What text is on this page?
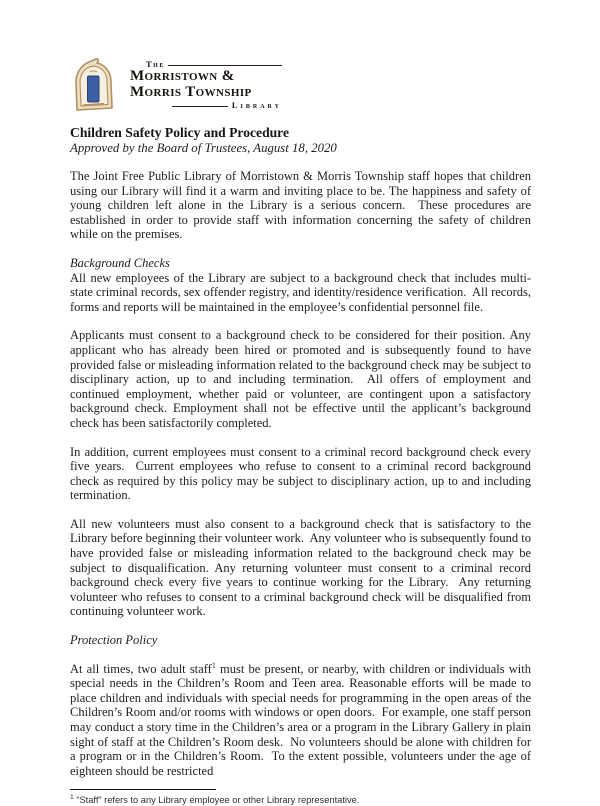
The
Morristown &
Morris Township
Library
Children Safety Policy and Procedure
Approved by the Board of Trustees, August 18, 2020

The Joint Free Public Library of Morristown & Morris Township staff hopes that children using our Library will find it a warm and inviting place to be. The happiness and safety of young children left alone in the Library is a serious concern.  These procedures are established in order to provide staff with information concerning the safety of children while on the premises.

Background Checks

All new employees of the Library are subject to a background check that includes multi-state criminal records, sex offender registry, and identity/residence verification.  All records, forms and reports will be maintained in the employee’s confidential personnel file.

Applicants must consent to a background check to be considered for their position. Any applicant who has already been hired or promoted and is subsequently found to have provided false or misleading information related to the background check may be subject to disciplinary action, up to and including termination.  All offers of employment and continued employment, whether paid or volunteer, are contingent upon a satisfactory background check. Employment shall not be effective until the applicant’s background check has been satisfactorily completed.

In addition, current employees must consent to a criminal record background check every five years.  Current employees who refuse to consent to a criminal record background check as required by this policy may be subject to disciplinary action, up to and including termination.

All new volunteers must also consent to a background check that is satisfactory to the Library before beginning their volunteer work.  Any volunteer who is subsequently found to have provided false or misleading information related to the background check may be subject to disqualification. Any returning volunteer must consent to a criminal record background check every five years to continue working for the Library.  Any returning volunteer who refuses to consent to a criminal background check will be disqualified from continuing volunteer work.

Protection Policy

At all times, two adult staff$^1$ must be present, or nearby, with children or individuals with special needs in the Children’s Room and Teen area. Reasonable efforts will be made to place children and individuals with special needs for programming in the open areas of the Children’s Room and/or rooms with windows or open doors.  For example, one staff person may conduct a story time in the Children’s area or a program in the Library Gallery in plain sight of staff at the Children’s Room desk.  No volunteers should be alone with children for a program or in the Children’s Room.  To the extent possible, volunteers under the age of eighteen should be restricted

$^1$ “Staff” refers to any Library employee or other Library representative.
